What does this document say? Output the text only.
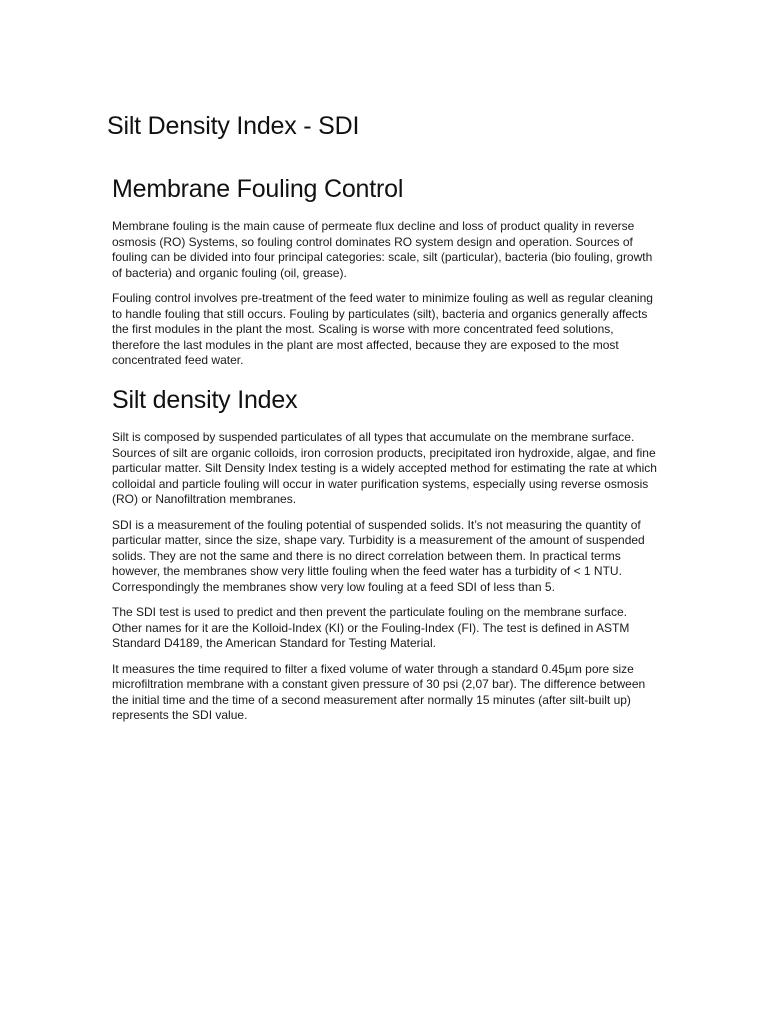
Silt Density Index - SDI
Membrane Fouling Control

Membrane fouling is the main cause of permeate flux decline and loss of product quality in reverse osmosis (RO) Systems, so fouling control dominates RO system design and operation. Sources of fouling can be divided into four principal categories: scale, silt (particular), bacteria (bio fouling, growth of bacteria) and organic fouling (oil, grease).

Fouling control involves pre-treatment of the feed water to minimize fouling as well as regular cleaning to handle fouling that still occurs. Fouling by particulates (silt), bacteria and organics generally affects the first modules in the plant the most. Scaling is worse with more concentrated feed solutions, therefore the last modules in the plant are most affected, because they are exposed to the most concentrated feed water.

Silt density Index

Silt is composed by suspended particulates of all types that accumulate on the membrane surface. Sources of silt are organic colloids, iron corrosion products, precipitated iron hydroxide, algae, and fine particular matter. Silt Density Index testing is a widely accepted method for estimating the rate at which colloidal and particle fouling will occur in water purification systems, especially using reverse osmosis (RO) or Nanofiltration membranes.

SDI is a measurement of the fouling potential of suspended solids. It’s not measuring the quantity of particular matter, since the size, shape vary. Turbidity is a measurement of the amount of suspended solids. They are not the same and there is no direct correlation between them. In practical terms however, the membranes show very little fouling when the feed water has a turbidity of < 1 NTU. Correspondingly the membranes show very low fouling at a feed SDI of less than 5.

The SDI test is used to predict and then prevent the particulate fouling on the membrane surface. Other names for it are the Kolloid-Index (KI) or the Fouling-Index (FI). The test is defined in ASTM Standard D4189, the American Standard for Testing Material.

It measures the time required to filter a fixed volume of water through a standard 0.45µm pore size microfiltration membrane with a constant given pressure of 30 psi (2,07 bar). The difference between the initial time and the time of a second measurement after normally 15 minutes (after silt-built up) represents the SDI value.
